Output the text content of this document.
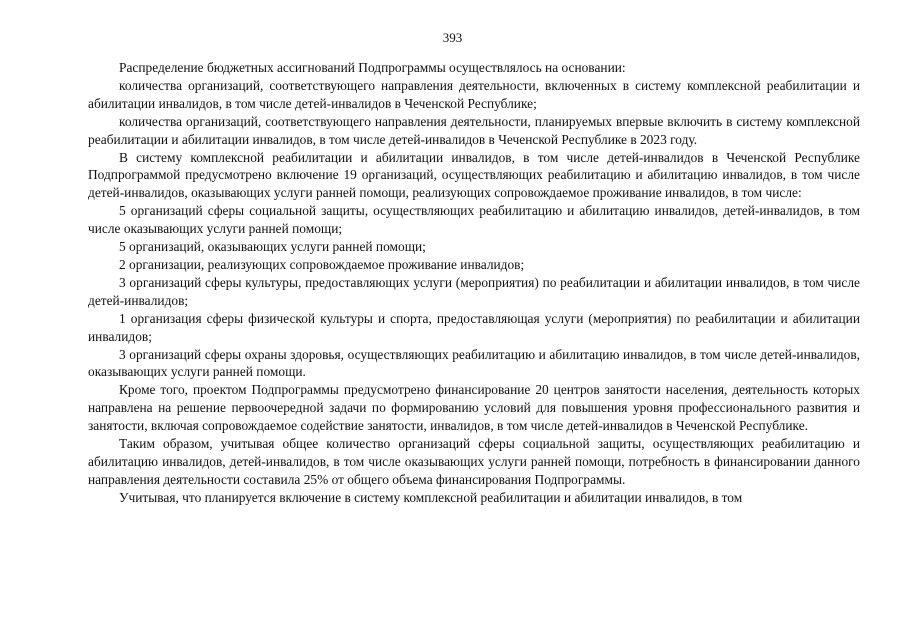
393

Распределение бюджетных ассигнований Подпрограммы осуществлялось на основании:

количества организаций, соответствующего направления деятельности, включенных в систему комплексной реабилитации и абилитации инвалидов, в том числе детей-инвалидов в Чеченской Республике;

количества организаций, соответствующего направления деятельности, планируемых впервые включить в систему комплексной реабилитации и абилитации инвалидов, в том числе детей-инвалидов в Чеченской Республике в 2023 году.

В систему комплексной реабилитации и абилитации инвалидов, в том числе детей-инвалидов в Чеченской Республике Подпрограммой предусмотрено включение 19 организаций, осуществляющих реабилитацию и абилитацию инвалидов, в том числе детей-инвалидов, оказывающих услуги ранней помощи, реализующих сопровождаемое проживание инвалидов, в том числе:

5 организаций сферы социальной защиты, осуществляющих реабилитацию и абилитацию инвалидов, детей-инвалидов, в том числе оказывающих услуги ранней помощи;

5 организаций, оказывающих услуги ранней помощи;

2 организации, реализующих сопровождаемое проживание инвалидов;

3 организаций сферы культуры, предоставляющих услуги (мероприятия) по реабилитации и абилитации инвалидов, в том числе детей-инвалидов;

1 организация сферы физической культуры и спорта, предоставляющая услуги (мероприятия) по реабилитации и абилитации инвалидов;

3 организаций сферы охраны здоровья, осуществляющих реабилитацию и абилитацию инвалидов, в том числе детей-инвалидов, оказывающих услуги ранней помощи.

Кроме того, проектом Подпрограммы предусмотрено финансирование 20 центров занятости населения, деятельность которых направлена на решение первоочередной задачи по формированию условий для повышения уровня профессионального развития и занятости, включая сопровождаемое содействие занятости, инвалидов, в том числе детей-инвалидов в Чеченской Республике.

Таким образом, учитывая общее количество организаций сферы социальной защиты, осуществляющих реабилитацию и абилитацию инвалидов, детей-инвалидов, в том числе оказывающих услуги ранней помощи, потребность в финансировании данного направления деятельности составила 25% от общего объема финансирования Подпрограммы.

Учитывая, что планируется включение в систему комплексной реабилитации и абилитации инвалидов, в том
